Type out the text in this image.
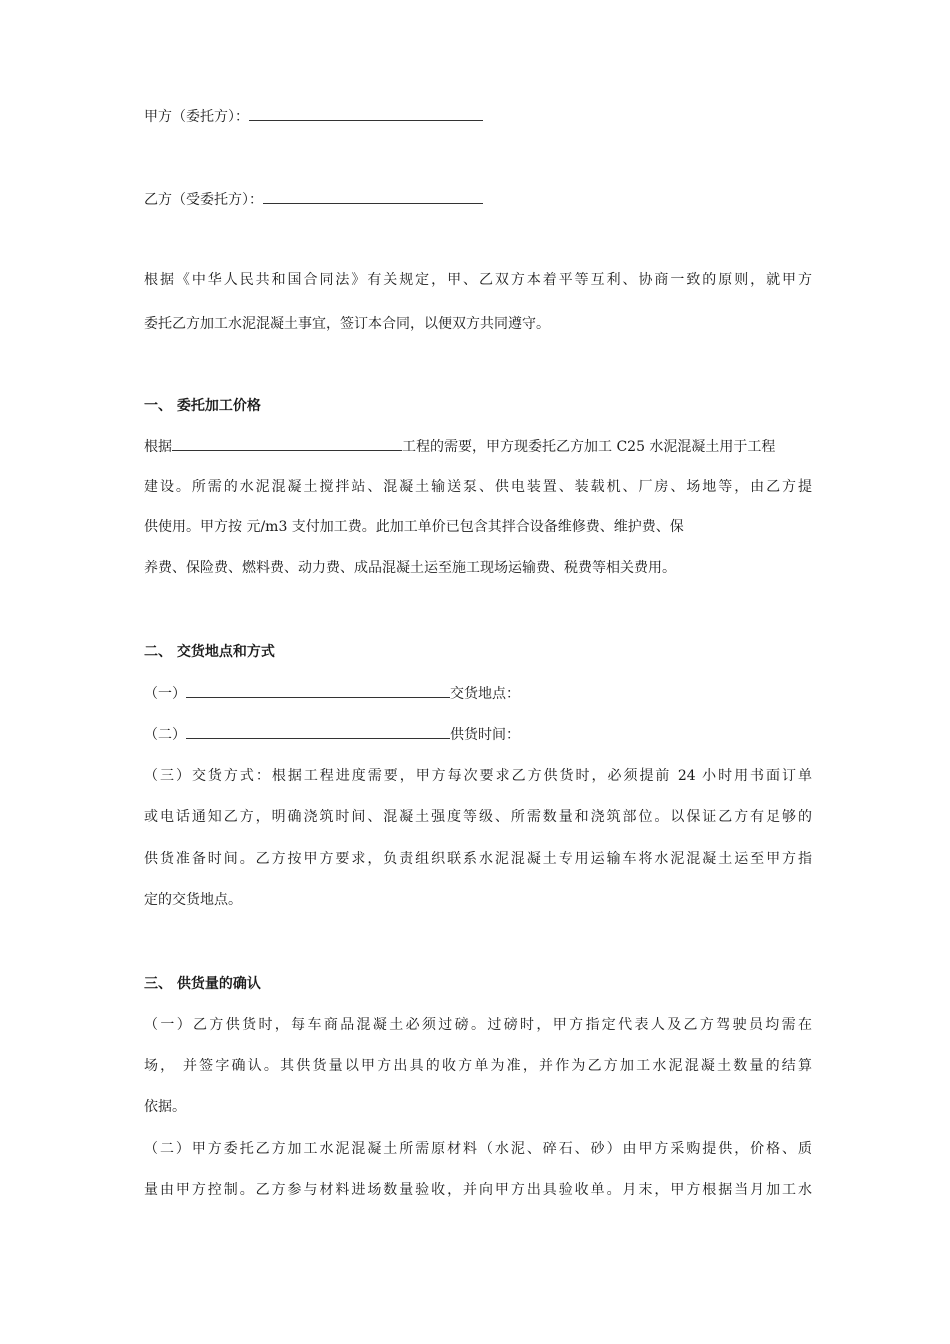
甲方（委托方）：
乙方（受委托方）：
根据《中华人民共和国合同法》有关规定，甲、乙双方本着平等互利、协商一致的原则，就甲方
委托乙方加工水泥混凝土事宜，签订本合同，以便双方共同遵守。
一、 委托加工价格
根据	工程的需要，甲方现委托乙方加工 C25 水泥混凝土用于工程
建设。所需的水泥混凝土搅拌站、混凝土输送泵、供电装置、装载机、厂房、场地等，由乙方提
供使用。甲方按 元/m3 支付加工费。此加工单价已包含其拌合设备维修费、维护费、保
养费、保险费、燃料费、动力费、成品混凝土运至施工现场运输费、税费等相关费用。
二、 交货地点和方式
（一）	交货地点：
（二）	供货时间：
（三）交货方式：根据工程进度需要，甲方每次要求乙方供货时，必须提前 24 小时用书面订单
或电话通知乙方，明确浇筑时间、混凝土强度等级、所需数量和浇筑部位。以保证乙方有足够的
供货准备时间。乙方按甲方要求，负责组织联系水泥混凝土专用运输车将水泥混凝土运至甲方指
定的交货地点。
三、 供货量的确认
（一）乙方供货时，每车商品混凝土必须过磅。过磅时，甲方指定代表人及乙方驾驶员均需在
场， 并签字确认。其供货量以甲方出具的收方单为准，并作为乙方加工水泥混凝土数量的结算
依据。
（二）甲方委托乙方加工水泥混凝土所需原材料（水泥、碎石、砂）由甲方采购提供，价格、质
量由甲方控制。乙方参与材料进场数量验收，并向甲方出具验收单。月末，甲方根据当月加工水
